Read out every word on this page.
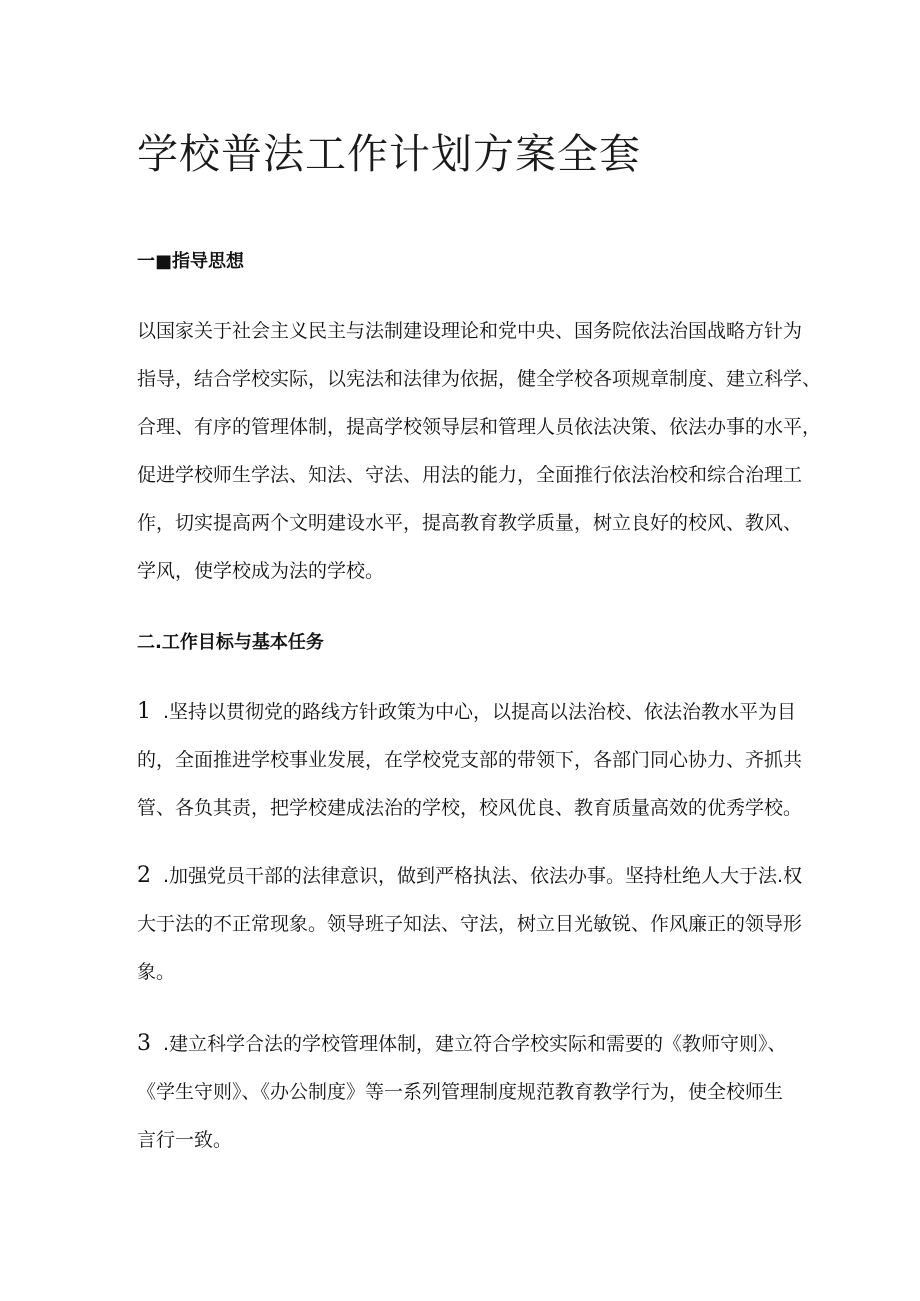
学校普法工作计划方案全套
一■指导思想
以国家关于社会主义民主与法制建设理论和党中央、国务院依法治国战略方针为
指导，结合学校实际，以宪法和法律为依据，健全学校各项规章制度、建立科学、
合理、有序的管理体制，提高学校领导层和管理人员依法决策、依法办事的水平，
促进学校师生学法、知法、守法、用法的能力，全面推行依法治校和综合治理工
作，切实提高两个文明建设水平，提高教育教学质量，树立良好的校风、教风、
学风，使学校成为法的学校。
二.工作目标与基本任务
1 .坚持以贯彻党的路线方针政策为中心，以提高以法治校、依法治教水平为目
的，全面推进学校事业发展，在学校党支部的带领下，各部门同心协力、齐抓共
管、各负其责，把学校建成法治的学校，校风优良、教育质量高效的优秀学校。
2 .加强党员干部的法律意识，做到严格执法、依法办事。坚持杜绝人大于法.权
大于法的不正常现象。领导班子知法、守法，树立目光敏锐、作风廉正的领导形
象。
3 .建立科学合法的学校管理体制，建立符合学校实际和需要的《教师守则》、
《学生守则》、《办公制度》等一系列管理制度规范教育教学行为，使全校师生
言行一致。
